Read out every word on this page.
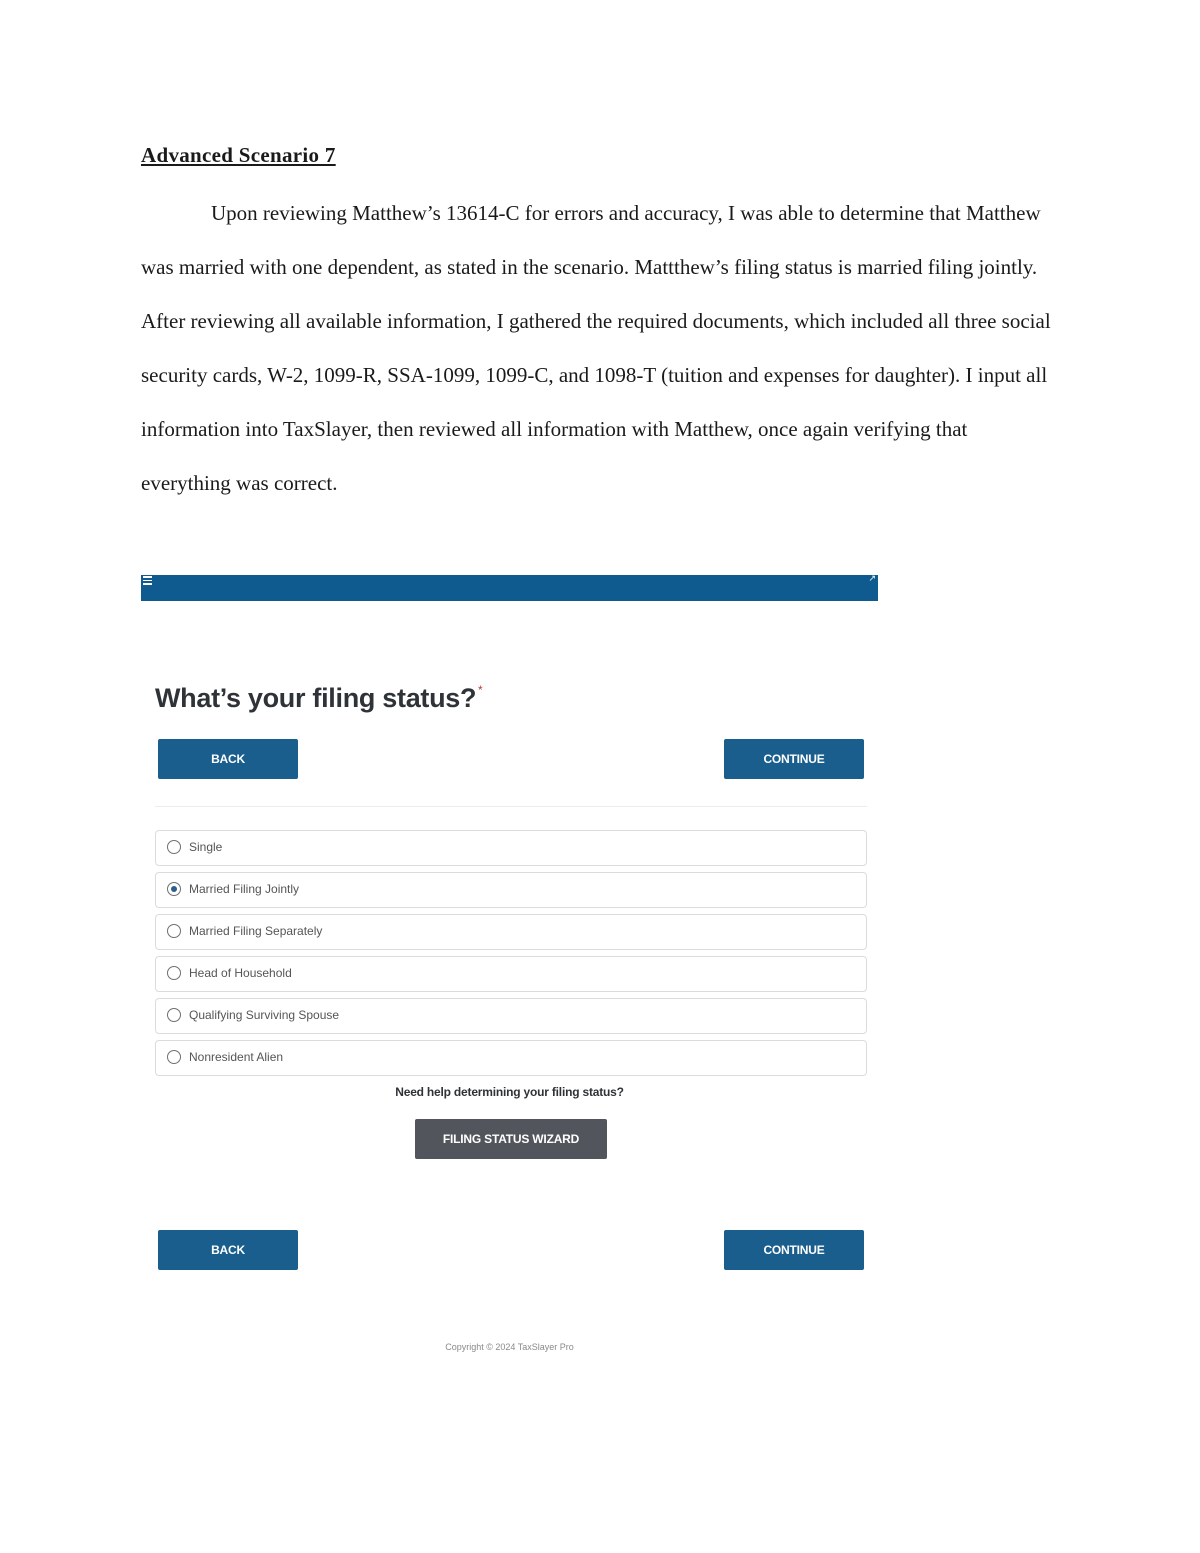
Advanced Scenario 7

Upon reviewing Matthew’s 13614-C for errors and accuracy, I was able to determine that Matthew was married with one dependent, as stated in the scenario. Mattthew’s filing status is married filing jointly. After reviewing all available information, I gathered the required documents, which included all three social security cards, W-2, 1099-R, SSA-1099, 1099-C, and 1098-T (tuition and expenses for daughter). I input all information into TaxSlayer, then reviewed all information with Matthew, once again verifying that everything was correct.

↗
What’s your filing status? *
BACK	CONTINUE
Single
Married Filing Jointly
Married Filing Separately
Head of Household
Qualifying Surviving Spouse
Nonresident Alien
Need help determining your filing status?
FILING STATUS WIZARD
BACK	CONTINUE
Copyright © 2024 TaxSlayer Pro
